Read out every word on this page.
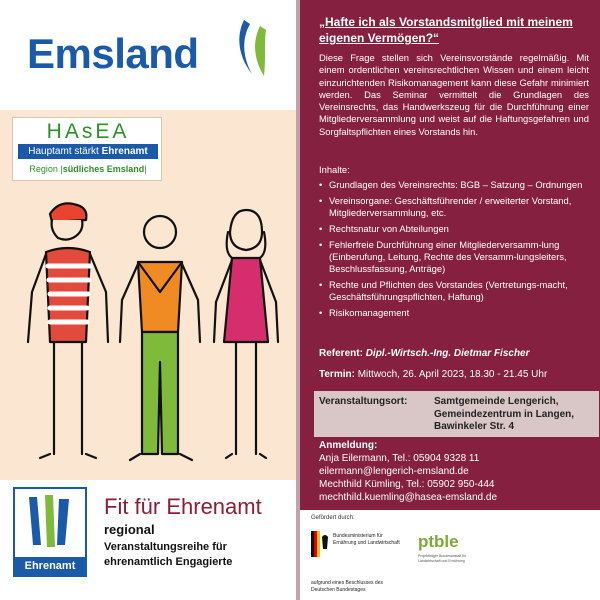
Emsland
HAsEA
Hauptamt stärkt Ehrenamt
Region |südliches Emsland|
Ehrenamt
Fit für Ehrenamt
regional
Veranstaltungsreihe für ehrenamtlich Engagierte
„Hafte ich als Vorstandsmitglied mit meinem eigenen Vermögen?“
Diese Frage stellen sich Vereinsvorstände regelmäßig. Mit einem ordentlichen vereinsrechtlichen Wissen und einem leicht einzurichtenden Risikomanagement kann diese Gefahr minimiert werden. Das Seminar vermittelt die Grundlagen des Vereinsrechts, das Handwerkszeug für die Durchführung einer Mitgliederversammlung und weist auf die Haftungsgefahren und Sorgfaltspflichten eines Vorstands hin.
Inhalte:
• Grundlagen des Vereinsrechts: BGB – Satzung – Ordnungen
• Vereinsorgane: Geschäftsführender / erweiterter Vorstand, Mitgliederversammlung, etc.
• Rechtsnatur von Abteilungen
• Fehlerfreie Durchführung einer Mitgliederversamm-lung (Einberufung, Leitung, Rechte des Versamm-lungsleiters, Beschlussfassung, Anträge)
• Rechte und Pflichten des Vorstandes (Vertretungs-macht, Geschäftsführungspflichten, Haftung)
• Risikomanagement
Referent: Dipl.-Wirtsch.-Ing. Dietmar Fischer
Termin: Mittwoch, 26. April 2023, 18.30 - 21.45 Uhr
Veranstaltungsort:	Samtgemeinde Lengerich,
Gemeindezentrum in Langen,
Bawinkeler Str. 4
Anmeldung:
Anja Eilermann, Tel.: 05904 9328 11
eilermann@lengerich-emsland.de
Mechthild Kümling, Tel.: 05902 950-444
mechthild.kuemling@hasea-emsland.de
Gefördert durch:
Bundesministerium für Ernährung und Landwirtschaft
aufgrund eines Beschlusses des Deutschen Bundestages
ptble
Projektträger Bundesanstalt für Landwirtschaft und Ernährung
